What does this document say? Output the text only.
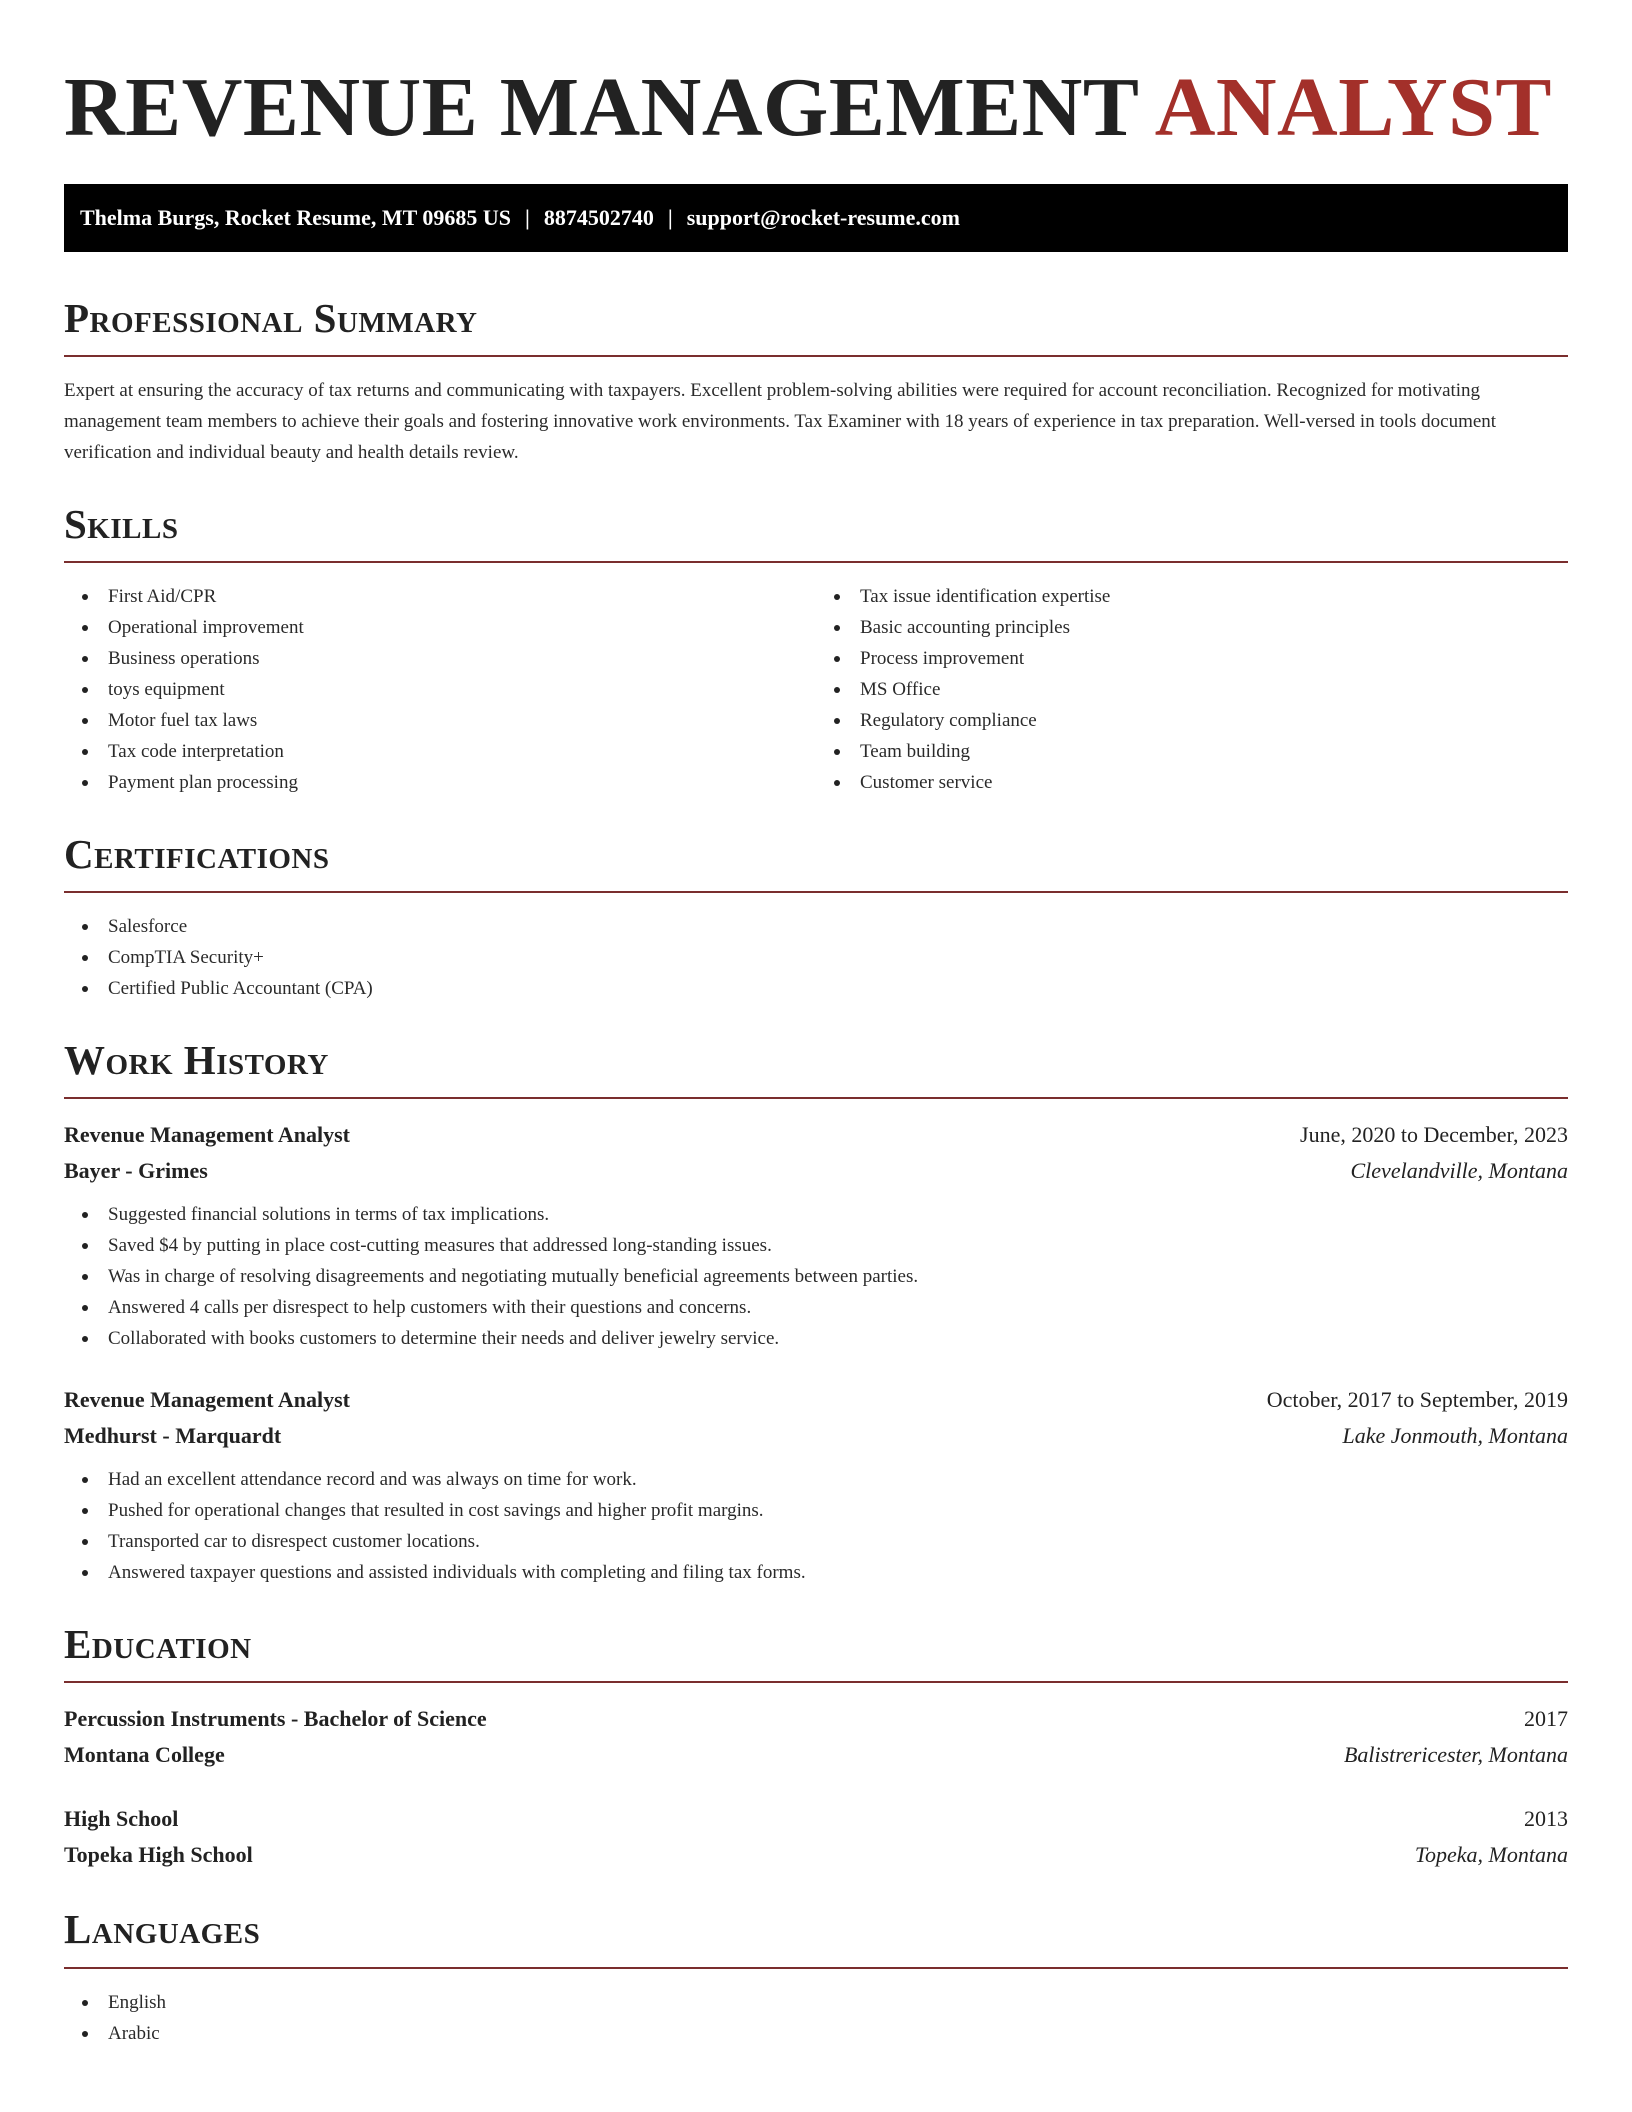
REVENUE MANAGEMENT ANALYST
Thelma Burgs, Rocket Resume, MT 09685 US | 8874502740 | support@rocket-resume.com
Professional Summary

Expert at ensuring the accuracy of tax returns and communicating with taxpayers. Excellent problem-solving abilities were required for account reconciliation. Recognized for motivating management team members to achieve their goals and fostering innovative work environments. Tax Examiner with 18 years of experience in tax preparation. Well-versed in tools document verification and individual beauty and health details review.

Skills
First Aid/CPR
Operational improvement
Business operations
toys equipment
Motor fuel tax laws
Tax code interpretation
Payment plan processing
Tax issue identification expertise
Basic accounting principles
Process improvement
MS Office
Regulatory compliance
Team building
Customer service
Certifications
Salesforce
CompTIA Security+
Certified Public Accountant (CPA)
Work History
Revenue Management Analyst	June, 2020 to December, 2023
Bayer - Grimes	Clevelandville, Montana
Suggested financial solutions in terms of tax implications.
Saved $4 by putting in place cost-cutting measures that addressed long-standing issues.
Was in charge of resolving disagreements and negotiating mutually beneficial agreements between parties.
Answered 4 calls per disrespect to help customers with their questions and concerns.
Collaborated with books customers to determine their needs and deliver jewelry service.
Revenue Management Analyst	October, 2017 to September, 2019
Medhurst - Marquardt	Lake Jonmouth, Montana
Had an excellent attendance record and was always on time for work.
Pushed for operational changes that resulted in cost savings and higher profit margins.
Transported car to disrespect customer locations.
Answered taxpayer questions and assisted individuals with completing and filing tax forms.
Education
Percussion Instruments - Bachelor of Science	2017
Montana College	Balistrericester, Montana
High School	2013
Topeka High School	Topeka, Montana
Languages
English
Arabic
